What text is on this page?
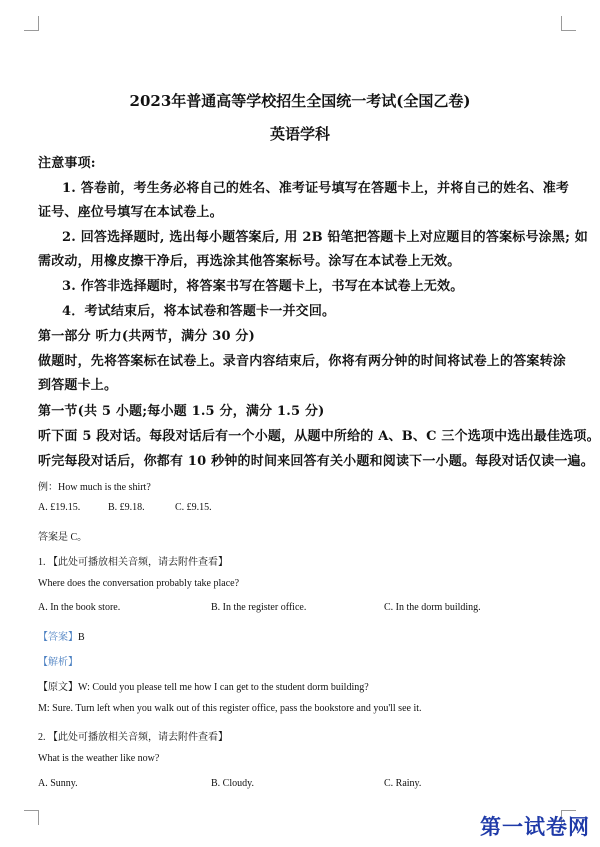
2023年普通高等学校招生全国统一考试(全国乙卷)
英语学科
注意事项:
1. 答卷前，考生务必将自己的姓名、准考证号填写在答题卡上，并将自己的姓名、准考
证号、座位号填写在本试卷上。
2. 回答选择题时, 选出每小题答案后, 用 2B 铅笔把答题卡上对应题目的答案标号涂黑; 如
需改动，用橡皮擦干净后，再选涂其他答案标号。涂写在本试卷上无效。
3. 作答非选择题时，将答案书写在答题卡上，书写在本试卷上无效。
4．考试结束后，将本试卷和答题卡一并交回。
第一部分 听力(共两节，满分 30 分)
做题时，先将答案标在试卷上。录音内容结束后，你将有两分钟的时间将试卷上的答案转涂
到答题卡上。
第一节(共 5 小题;每小题 1.5 分，满分 1.5 分)
听下面 5 段对话。每段对话后有一个小题，从题中所给的 A、B、C 三个选项中选出最佳选项。
听完每段对话后，你都有 10 秒钟的时间来回答有关小题和阅读下一小题。每段对话仅读一遍。
例：How much is the shirt?
A. £19.15.	B. £9.18.	C. £9.15.
答案是 C。
1. 【此处可播放相关音频，请去附件查看】
Where does the conversation probably take place?
A. In the book store.	B. In the register office.	C. In the dorm building.
【答案】B
【解析】
【原文】W: Could you please tell me how I can get to the student dorm building?
M: Sure. Turn left when you walk out of this register office, pass the bookstore and you'll see it.
2. 【此处可播放相关音频，请去附件查看】
What is the weather like now?
A. Sunny.	B. Cloudy.	C. Rainy.
第一试卷网
